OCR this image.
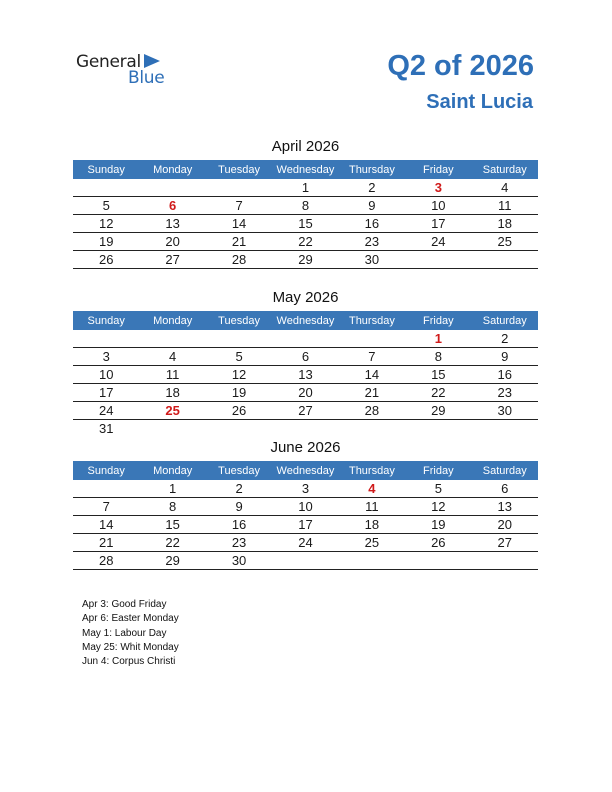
General
Blue	Q2 of 2026
Saint Lucia
April 2026
Sunday	Monday	Tuesday	Wednesday	Thursday	Friday	Saturday
			1	2	3	4
5	6	7	8	9	10	11
12	13	14	15	16	17	18
19	20	21	22	23	24	25
26	27	28	29	30		
May 2026
Sunday	Monday	Tuesday	Wednesday	Thursday	Friday	Saturday
					1	2
3	4	5	6	7	8	9
10	11	12	13	14	15	16
17	18	19	20	21	22	23
24	25	26	27	28	29	30
31						
June 2026
Sunday	Monday	Tuesday	Wednesday	Thursday	Friday	Saturday
	1	2	3	4	5	6
7	8	9	10	11	12	13
14	15	16	17	18	19	20
21	22	23	24	25	26	27
28	29	30				
Apr 3: Good Friday
Apr 6: Easter Monday
May 1: Labour Day
May 25: Whit Monday
Jun 4: Corpus Christi
